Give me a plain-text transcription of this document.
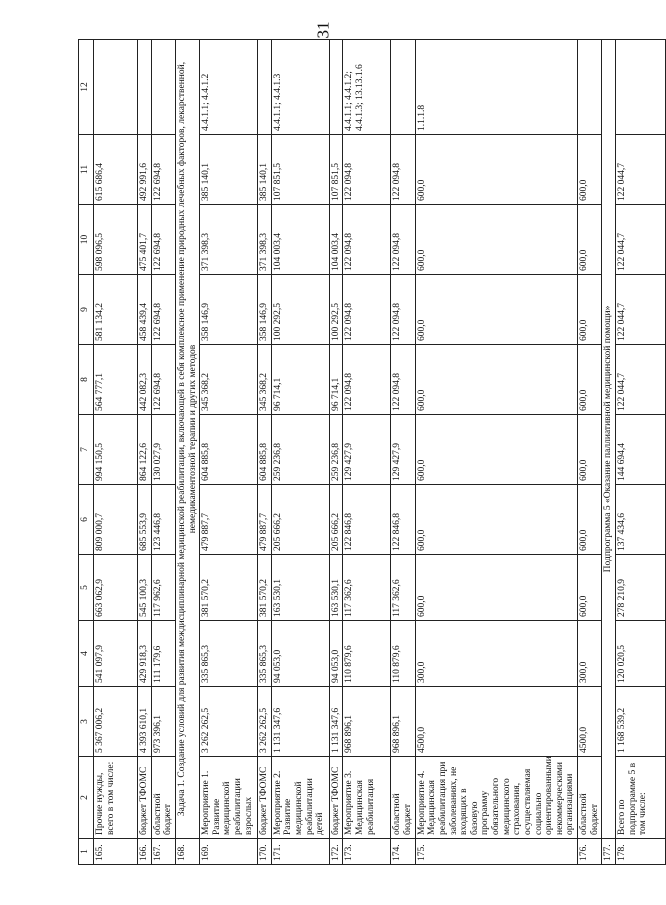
31
1	2	3	4	5	6	7	8	9	10	11	12
165.	Прочие нужды, всего в том числе:	5 367 006,2	541 097,9	663 062,9	809 000,7	994 150,5	564 777,1	581 134,2	598 096,5	615 686,4	
166.	бюджет ТФОМС	4 393 610,1	429 918,3	545 100,3	685 553,9	864 122,6	442 082,3	458 439,4	475 401,7	492 991,6	
167.	областной бюджет	973 396,1	111 179,6	117 962,6	123 446,8	130 027,9	122 694,8	122 694,8	122 694,8	122 694,8	
168.	Задача 1. Создание условий для развития междисциплинарной медицинской реабилитации, включающей в себя комплексное применение природных лечебных факторов, лекарственной, немедикаментозной терапии и других методов										
169.	Мероприятие 1. Развитие медицинской реабилитации взрослых	3 262 262,5	335 865,3	381 570,2	479 887,7	604 885,8	345 368,2	358 146,9	371 398,3	385 140,1	4.4.1.1; 4.4.1.2
170.	бюджет ТФОМС	3 262 262,5	335 865,3	381 570,2	479 887,7	604 885,8	345 368,2	358 146,9	371 398,3	385 140,1	
171.	Мероприятие 2. Развитие медицинской реабилитации детей	1 131 347,6	94 053,0	163 530,1	205 666,2	259 236,8	96 714,1	100 292,5	104 003,4	107 851,5	4.4.1.1; 4.4.1.3
172.	бюджет ТФОМС	1 131 347,6	94 053,0	163 530,1	205 666,2	259 236,8	96 714,1	100 292,5	104 003,4	107 851,5	
173.	Мероприятие 3. Медицинская реабилитация	968 896,1	110 879,6	117 362,6	122 846,8	129 427,9	122 094,8	122 094,8	122 094,8	122 094,8	4.4.1.1; 4.4.1.2; 4.4.1.3; 13.13.1.6
174.	областной бюджет	968 896,1	110 879,6	117 362,6	122 846,8	129 427,9	122 094,8	122 094,8	122 094,8	122 094,8	
175.	Мероприятие 4. Медицинская реабилитация при заболеваниях, не входящих в базовую программу обязательного медицинского страхования, осуществляемая социально ориентированными некоммерческими организациями	4500,0	300,0	600,0	600,0	600,0	600,0	600,0	600,0	600,0	1.1.1.8
176.	областной бюджет	4500,0	300,0	600,0	600,0	600,0	600,0	600,0	600,0	600,0	
177.	Подпрограмма 5 «Оказание паллиативной медицинской помощи»										
178.	Всего по подпрограмме 5 в том числе:	1 168 539,2	120 020,5	278 210,9	137 434,6	144 694,4	122 044,7	122 044,7	122 044,7	122 044,7	
